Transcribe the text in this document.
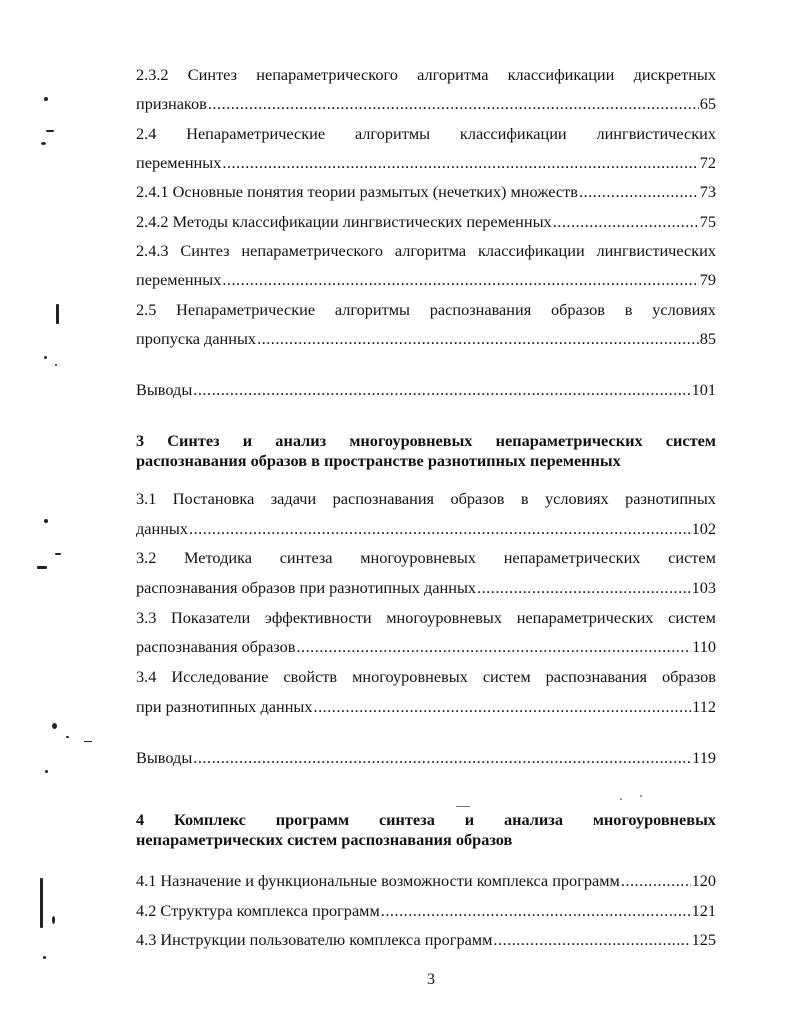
2.3.2 Синтез непараметрического алгоритма классификации дискретных
признаков .....	65
2.4 Непараметрические алгоритмы классификации лингвистических
переменных .....	72
2.4.1 Основные понятия теории размытых (нечетких) множеств .....	73
2.4.2 Методы классификации лингвистических переменных .....	75
2.4.3 Синтез непараметрического алгоритма классификации лингвистических
переменных .....	79
2.5 Непараметрические алгоритмы распознавания образов в условиях
пропуска данных .....	85
Выводы .....	101
3 Синтез и анализ многоуровневых непараметрических систем
распознавания образов в пространстве разнотипных переменных
3.1 Постановка задачи распознавания образов в условиях разнотипных
данных .....	102
3.2 Методика синтеза многоуровневых непараметрических систем
распознавания образов при разнотипных данных .....	103
3.3 Показатели эффективности многоуровневых непараметрических систем
распознавания образов .....	110
3.4 Исследование свойств многоуровневых систем распознавания образов
при разнотипных данных .....	112
Выводы .....	119
4 Комплекс программ синтеза и анализа многоуровневых
непараметрических систем распознавания образов
4.1 Назначение и функциональные возможности комплекса программ .....	120
4.2 Структура комплекса программ .....	121
4.3 Инструкции пользователю комплекса программ .....	125
3
